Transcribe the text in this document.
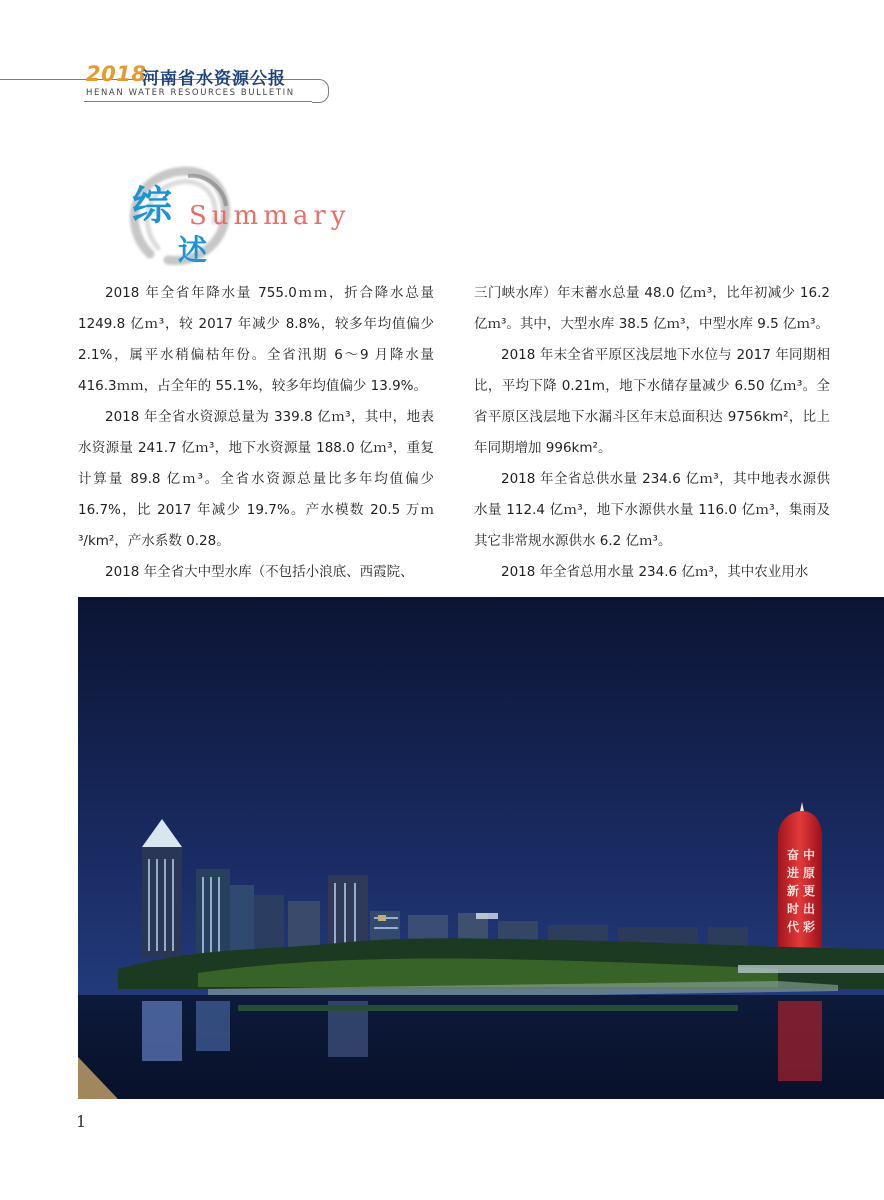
2018
河南省水资源公报
HENAN WATER RESOURCES BULLETIN
综
述
Summary

2018 年全省年降水量 755.0ｍｍ，折合降水总量 1249.8 亿ｍ³，较 2017 年减少 8.8%，较多年均值偏少 2.1%，属平水稍偏枯年份。全省汛期 6～9 月降水量 416.3ｍｍ，占全年的 55.1%，较多年均值偏少 13.9%。

2018 年全省水资源总量为 339.8 亿ｍ³，其中，地表水资源量 241.7 亿ｍ³，地下水资源量 188.0 亿ｍ³，重复计算量 89.8 亿ｍ³。全省水资源总量比多年均值偏少 16.7%，比 2017 年减少 19.7%。产水模数 20.5 万ｍ³/km²，产水系数 0.28。

2018 年全省大中型水库（不包括小浪底、西霞院、

三门峡水库）年末蓄水总量 48.0 亿ｍ³，比年初减少 16.2 亿ｍ³。其中，大型水库 38.5 亿ｍ³，中型水库 9.5 亿ｍ³。

2018 年末全省平原区浅层地下水位与 2017 年同期相比，平均下降 0.21m，地下水储存量减少 6.50 亿ｍ³。全省平原区浅层地下水漏斗区年末总面积达 9756km²，比上年同期增加 996km²。

2018 年全省总供水量 234.6 亿ｍ³，其中地表水源供水量 112.4 亿ｍ³，地下水源供水量 116.0 亿ｍ³，集雨及其它非常规水源供水 6.2 亿ｍ³。

2018 年全省总用水量 234.6 亿ｍ³，其中农业用水

奋
进
新
时
代
中
原
更
出
彩
1
